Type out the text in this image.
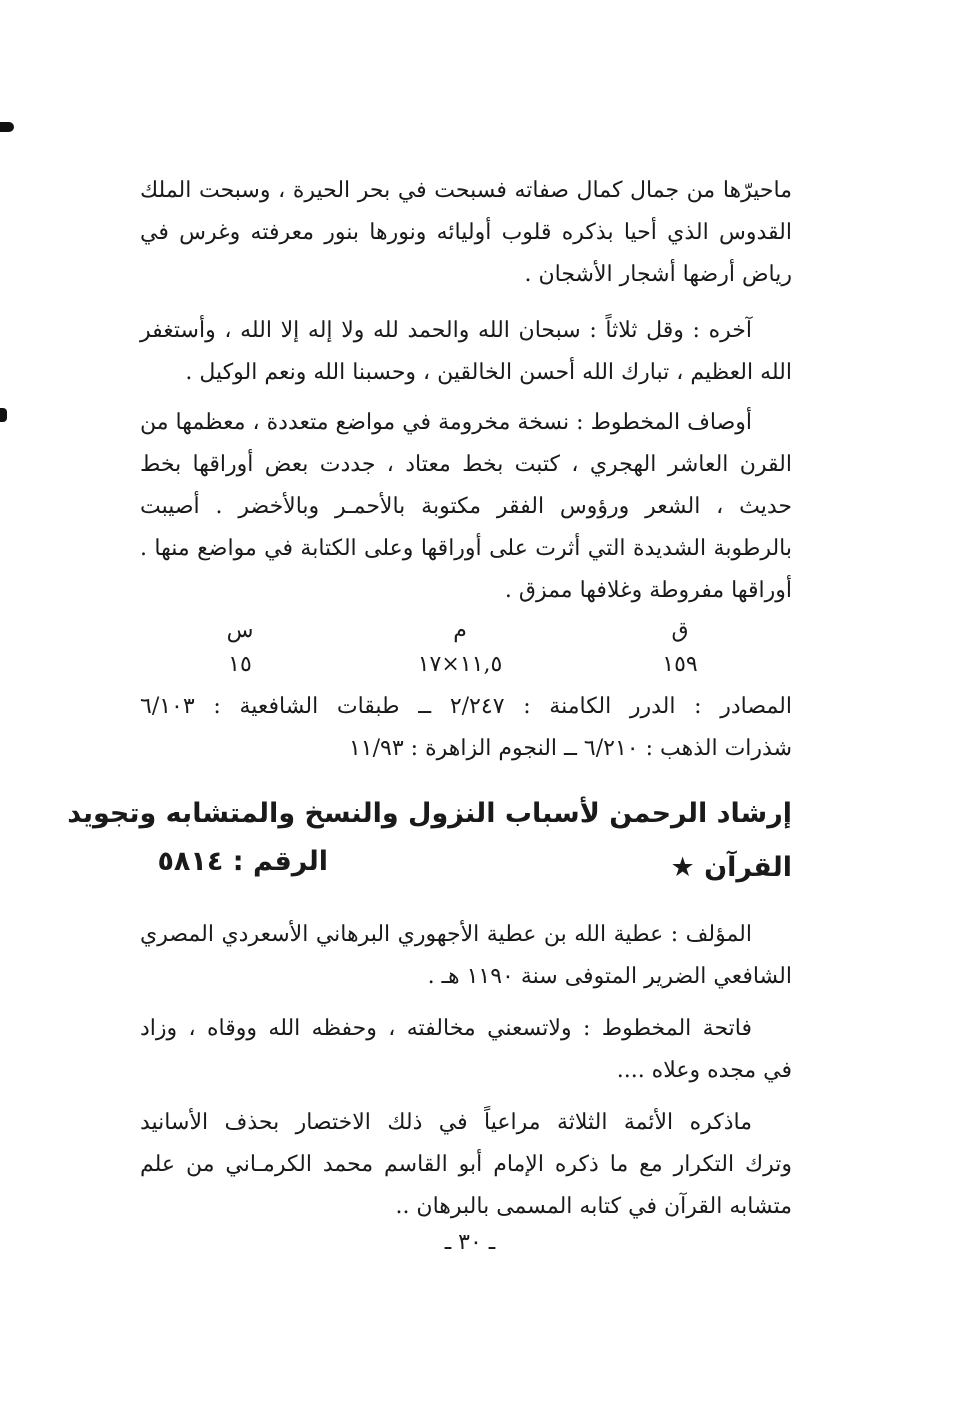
ماحيرّها من جمال كمال صفاته فسبحت في بحر الحيرة ، وسبحت الملك
القدوس الذي أحيا بذكره قلوب أوليائه ونورها بنور معرفته وغرس في
رياض أرضها أشجار الأشجان .
آخره : وقل ثلاثاً : سبحان الله والحمد لله ولا إله إلا الله ، وأستغفر
الله العظيم ، تبارك الله أحسن الخالقين ، وحسبنا الله ونعم الوكيل .
أوصاف المخطوط : نسخة مخرومة في مواضع متعددة ، معظمها من
القرن العاشر الهجري ، كتبت بخط معتاد ، جددت بعض أوراقها بخط
حديث ، الشعر ورؤوس الفقر مكتوبة بالأحمـر وبالأخضر . أصيبت
بالرطوبة الشديدة التي أثرت على أوراقها وعلى الكتابة في مواضع منها .
أوراقها مفروطة وغلافها ممزق .
ق
م
س
١٥٩
١١,٥×١٧
١٥
المصادر : الدرر الكامنة : ٢/٢٤٧ ــ طبقات الشافعية : ٦/١٠٣
شذرات الذهب : ٦/٢١٠ ــ النجوم الزاهرة : ١١/٩٣
إرشاد الرحمن لأسباب النزول والنسخ والمتشابه وتجويد
القرآن ★
الرقم : ٥٨١٤
المؤلف : عطية الله بن عطية الأجهوري البرهاني الأسعردي المصري
الشافعي الضرير المتوفى سنة ١١٩٠ هـ .
فاتحة المخطوط : ولاتسعني مخالفته ، وحفظه الله ووقاه ، وزاد
في مجده وعلاه ....
ماذكره الأئمة الثلاثة مراعياً في ذلك الاختصار بحذف الأسانيد
وترك التكرار مع ما ذكره الإمام أبو القاسم محمد الكرمـاني من علم
متشابه القرآن في كتابه المسمى بالبرهان ..
ـ ٣٠ ـ
